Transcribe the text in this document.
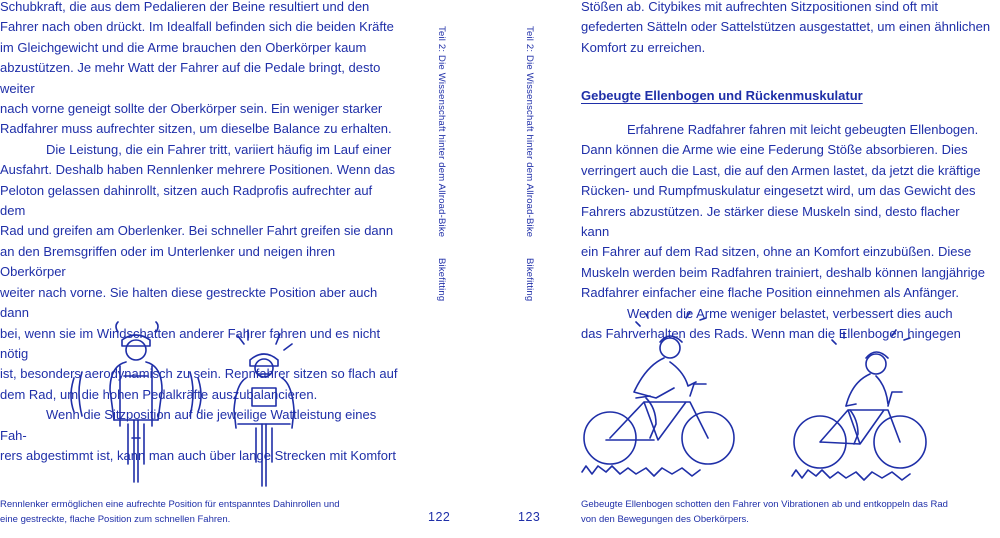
Schubkraft, die aus dem Pedalieren der Beine resultiert und den

Fahrer nach oben drückt. Im Idealfall befinden sich die beiden Kräfte

im Gleichgewicht und die Arme brauchen den Oberkörper kaum

abzustützen. Je mehr Watt der Fahrer auf die Pedale bringt, desto weiter

nach vorne geneigt sollte der Oberkörper sein. Ein weniger starker

Radfahrer muss aufrechter sitzen, um dieselbe Balance zu erhalten.

Die Leistung, die ein Fahrer tritt, variiert häufig im Lauf einer

Ausfahrt. Deshalb haben Rennlenker mehrere Positionen. Wenn das

Peloton gelassen dahinrollt, sitzen auch Radprofis aufrechter auf dem

Rad und greifen am Oberlenker. Bei schneller Fahrt greifen sie dann

an den Bremsgriffen oder im Unterlenker und neigen ihren Oberkörper

weiter nach vorne. Sie halten diese gestreckte Position aber auch dann

bei, wenn sie im Windschatten anderer Fahrer fahren und es nicht nötig

ist, besonders aerodynamisch zu sein. Rennfahrer sitzen so flach auf

dem Rad, um die hohen Pedalkräfte auszubalancieren.

Wenn die Sitzposition auf die jeweilige Wattleistung eines Fah-

rers abgestimmt ist, kann man auch über lange Strecken mit Komfort

Rennlenker ermöglichen eine aufrechte Position für entspanntes Dahinrollen und
eine gestreckte, flache Position zum schnellen Fahren.	122
Teil 2: Die Wissenschaft hinter dem Allroad-Bike
Bikefitting
Teil 2: Die Wissenschaft hinter dem Allroad-Bike
Bikefitting

Stößen ab. Citybikes mit aufrechten Sitzpositionen sind oft mit

gefederten Sätteln oder Sattelstützen ausgestattet, um einen ähnlichen

Komfort zu erreichen.

Gebeugte Ellenbogen und Rückenmuskulatur

Erfahrene Radfahrer fahren mit leicht gebeugten Ellenbogen.

Dann können die Arme wie eine Federung Stöße absorbieren. Dies

verringert auch die Last, die auf den Armen lastet, da jetzt die kräftige

Rücken- und Rumpfmuskulatur eingesetzt wird, um das Gewicht des

Fahrers abzustützen. Je stärker diese Muskeln sind, desto flacher kann

ein Fahrer auf dem Rad sitzen, ohne an Komfort einzubüßen. Diese

Muskeln werden beim Radfahren trainiert, deshalb können langjährige

Radfahrer einfacher eine flache Position einnehmen als Anfänger.

Werden die Arme weniger belastet, verbessert dies auch

das Fahrverhalten des Rads. Wenn man die Ellenbogen hingegen

Gebeugte Ellenbogen schotten den Fahrer von Vibrationen ab und entkoppeln das Rad
von den Bewegungen des Oberkörpers.
123
